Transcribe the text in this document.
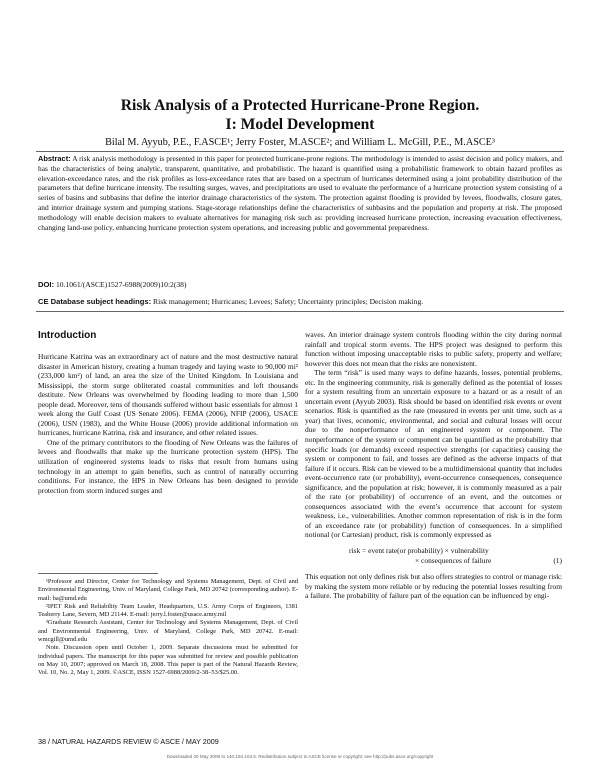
Risk Analysis of a Protected Hurricane-Prone Region.
I: Model Development
Bilal M. Ayyub, P.E., F.ASCE¹; Jerry Foster, M.ASCE²; and William L. McGill, P.E., M.ASCE³
Abstract: A risk analysis methodology is presented in this paper for protected hurricane-prone regions. The methodology is intended to assist decision and policy makers, and has the characteristics of being analytic, transparent, quantitative, and probabilistic. The hazard is quantified using a probabilistic framework to obtain hazard profiles as elevation-exceedance rates, and the risk profiles as loss-exceedance rates that are based on a spectrum of hurricanes determined using a joint probability distribution of the parameters that define hurricane intensity. The resulting surges, waves, and precipitations are used to evaluate the performance of a hurricane protection system consisting of a series of basins and subbasins that define the interior drainage characteristics of the system. The protection against flooding is provided by levees, floodwalls, closure gates, and interior drainage system and pumping stations. Stage-storage relationships define the characteristics of subbasins and the population and property at risk. The proposed methodology will enable decision makers to evaluate alternatives for managing risk such as: providing increased hurricane protection, increasing evacuation effectiveness, changing land-use policy, enhancing hurricane protection system operations, and increasing public and governmental preparedness.
DOI: 10.1061/(ASCE)1527-6988(2009)10:2(38)
CE Database subject headings: Risk management; Hurricanes; Levees; Safety; Uncertainty principles; Decision making.
Introduction

Hurricane Katrina was an extraordinary act of nature and the most destructive natural disaster in American history, creating a human tragedy and laying waste to 90,000 mi² (233,000 km²) of land, an area the size of the United Kingdom. In Louisiana and Mississippi, the storm surge obliterated coastal communities and left thousands destitute. New Orleans was overwhelmed by flooding leading to more than 1,500 people dead. Moreover, tens of thousands suffered without basic essentials for almost 1 week along the Gulf Coast (US Senate 2006). FEMA (2006), NFIP (2006), USACE (2006), USN (1983), and the White House (2006) provide additional information on hurricanes, hurricane Katrina, risk and insurance, and other related issues.

One of the primary contributors to the flooding of New Orleans was the failures of levees and floodwalls that make up the hurricane protection system (HPS). The utilization of engineered systems leads to risks that result from humans using technology in an attempt to gain benefits, such as control of naturally occurring conditions. For instance, the HPS in New Orleans has been designed to provide protection from storm induced surges and

¹Professor and Director, Center for Technology and Systems Management, Dept. of Civil and Environmental Engineering, Univ. of Maryland, College Park, MD 20742 (corresponding author). E-mail: ba@umd.edu

²IPET Risk and Reliability Team Leader, Headquarters, U.S. Army Corps of Engineers, 1381 Teaberry Lane, Severn, MD 21144. E-mail: jerry.l.foster@usace.army.mil

³Graduate Research Assistant, Center for Technology and Systems Management, Dept. of Civil and Environmental Engineering, Univ. of Maryland, College Park, MD 20742. E-mail: wmcgill@umd.edu

Note. Discussion open until October 1, 2009. Separate discussions must be submitted for individual papers. The manuscript for this paper was submitted for review and possible publication on May 10, 2007; approved on March 18, 2008. This paper is part of the Natural Hazards Review, Vol. 10, No. 2, May 1, 2009. ©ASCE, ISSN 1527-6988/2009/2-38–53/$25.00.

waves. An interior drainage system controls flooding within the city during normal rainfall and tropical storm events. The HPS project was designed to perform this function without imposing unacceptable risks to public safety, property and welfare; however this does not mean that the risks are nonexistent.

The term “risk” is used many ways to define hazards, losses, potential problems, etc. In the engineering community, risk is generally defined as the potential of losses for a system resulting from an uncertain exposure to a hazard or as a result of an uncertain event (Ayyub 2003). Risk should be based on identified risk events or event scenarios. Risk is quantified as the rate (measured in events per unit time, such as a year) that lives, economic, environmental, and social and cultural losses will occur due to the nonperformance of an engineered system or component. The nonperformance of the system or component can be quantified as the probability that specific loads (or demands) exceed respective strengths (or capacities) causing the system or component to fail, and losses are defined as the adverse impacts of that failure if it occurs. Risk can be viewed to be a multidimensional quantity that includes event-occurrence rate (or probability), event-occurrence consequences, consequence significance, and the population at risk; however, it is commonly measured as a pair of the rate (or probability) of occurrence of an event, and the outcomes or consequences associated with the event’s occurrence that account for system weakness, i.e., vulnerabilities. Another common representation of risk is in the form of an exceedance rate (or probability) function of consequences. In a simplified notional (or Cartesian) product, risk is commonly expressed as

risk = event rate(or probability) × vulnerability
× consequences of failure	(1)

This equation not only defines risk but also offers strategies to control or manage risk: by making the system more reliable or by reducing the potential losses resulting from a failure. The probability of failure part of the equation can be influenced by engi-

38 / NATURAL HAZARDS REVIEW © ASCE / MAY 2009
Downloaded 20 May 2009 to 140.194.103.5. Redistribution subject to ASCE license or copyright; see http://pubs.asce.org/copyright
